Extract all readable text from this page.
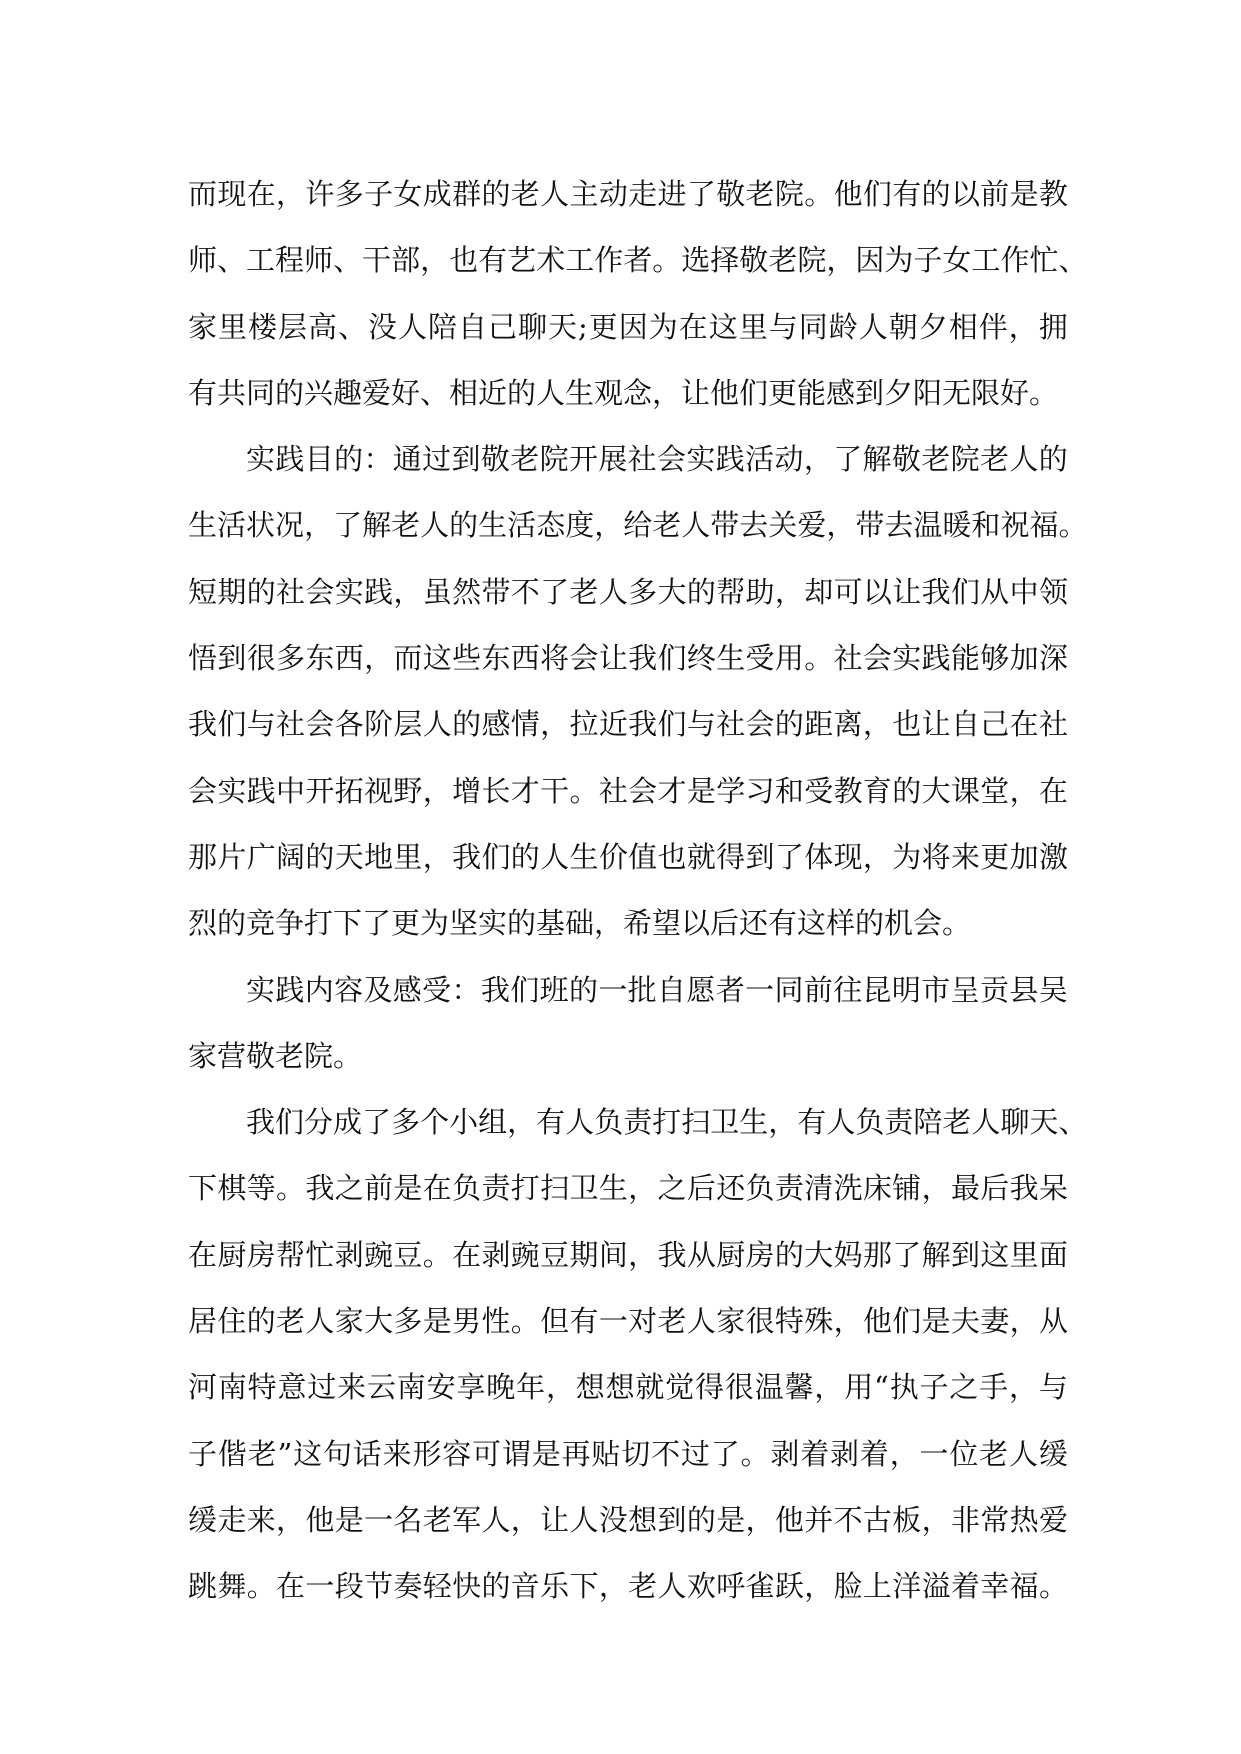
而 现 在 ， 许 多 子 女 成 群 的 老 人 主 动 走 进 了 敬 老 院 。 他 们 有 的 以 前 是 教
师 、 工 程 师 、 干 部 ， 也 有 艺 术 工 作 者 。 选 择 敬 老 院 ， 因 为 子 女 工 作 忙 、
家 里 楼 层 高 、 没 人 陪 自 己 聊 天 ; 更 因 为 在 这 里 与 同 龄 人 朝 夕 相 伴 ， 拥
有共同的兴趣爱好、相近的人生观念，让他们更能感到夕阳无限好。
实 践 目 的 ： 通 过 到 敬 老 院 开 展 社 会 实 践 活 动 ， 了 解 敬 老 院 老 人 的
生 活 状 况 ， 了 解 老 人 的 生 活 态 度 ， 给 老 人 带 去 关 爱 ， 带 去 温 暖 和 祝 福 。
短 期 的 社 会 实 践 ， 虽 然 带 不 了 老 人 多 大 的 帮 助 ， 却 可 以 让 我 们 从 中 领
悟 到 很 多 东 西 ， 而 这 些 东 西 将 会 让 我 们 终 生 受 用 。 社 会 实 践 能 够 加 深
我 们 与 社 会 各 阶 层 人 的 感 情 ， 拉 近 我 们 与 社 会 的 距 离 ， 也 让 自 己 在 社
会 实 践 中 开 拓 视 野 ， 增 长 才 干 。 社 会 才 是 学 习 和 受 教 育 的 大 课 堂 ， 在
那 片 广 阔 的 天 地 里 ， 我 们 的 人 生 价 值 也 就 得 到 了 体 现 ， 为 将 来 更 加 激
烈的竞争打下了更为坚实的基础，希望以后还有这样的机会。
实 践 内 容 及 感 受 ： 我 们 班 的 一 批 自 愿 者 一 同 前 往 昆 明 市 呈 贡 县 吴
家营敬老院。
我 们 分 成 了 多 个 小 组 ， 有 人 负 责 打 扫 卫 生 ， 有 人 负 责 陪 老 人 聊 天 、
下 棋 等 。 我 之 前 是 在 负 责 打 扫 卫 生 ， 之 后 还 负 责 清 洗 床 铺 ， 最 后 我 呆
在 厨 房 帮 忙 剥 豌 豆 。 在 剥 豌 豆 期 间 ， 我 从 厨 房 的 大 妈 那 了 解 到 这 里 面
居 住 的 老 人 家 大 多 是 男 性 。 但 有 一 对 老 人 家 很 特 殊 ， 他 们 是 夫 妻 ， 从
河 南 特 意 过 来 云 南 安 享 晚 年 ， 想 想 就 觉 得 很 温 馨 ， 用 “ 执 子 之 手 ， 与
子 偕 老 ” 这 句 话 来 形 容 可 谓 是 再 贴 切 不 过 了 。 剥 着 剥 着 ， 一 位 老 人 缓
缓 走 来 ， 他 是 一 名 老 军 人 ， 让 人 没 想 到 的 是 ， 他 并 不 古 板 ， 非 常 热 爱
跳 舞 。 在 一 段 节 奏 轻 快 的 音 乐 下 ， 老 人 欢 呼 雀 跃 ， 脸 上 洋 溢 着 幸 福 。
